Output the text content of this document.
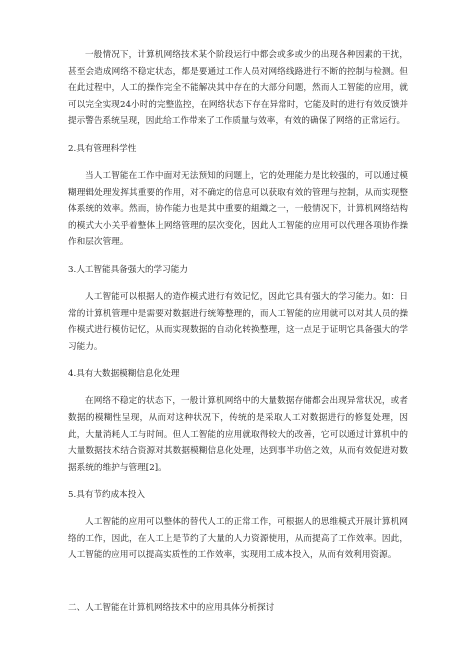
一般情况下，计算机网络技术某个阶段运行中都会或多或少的出现各种因素的干扰，甚至会造成网络不稳定状态，都是要通过工作人员对网络线路进行不断的控制与检测。但在此过程中，人工的操作完全不能解决其中存在的大部分问题，然而人工智能的应用，就可以完全实现24小时的完整监控，在网络状态下存在异常时，它能及时的进行有效反馈并提示警告系统呈现，因此给工作带来了工作质量与效率，有效的确保了网络的正常运行。

2.具有管理科学性

当人工智能在工作中面对无法预知的问题上，它的处理能力是比较强的，可以通过模糊理辑处理发挥其重要的作用，对不确定的信息可以获取有效的管理与控制，从而实现整体系统的效率。然而，协作能力也是其中重要的組織之一，一般情况下，计算机网络结构的模式大小关乎着整体上网络管理的层次变化，因此人工智能的应用可以代理各项协作操作和层次管理。

3.人工智能具备强大的学习能力

人工智能可以根据人的造作模式进行有效记忆，因此它具有强大的学习能力。如：日常的计算机管理中是需要对数据进行统筹整理的，而人工智能的应用就可以对其人员的操作模式进行模仿记忆，从而实现数据的自动化转换整理，这一点足于证明它具备强大的学习能力。

4.具有大数据模糊信息化处理

在网络不稳定的状态下，一般计算机网络中的大量数据存储都会出现异常状况，或者数据的模糊性呈现，从而对这种状况下，传统的是采取人工对数据进行的修复处理，因此，大量消耗人工与时间。但人工智能的应用就取得较大的改善，它可以通过计算机中的大量数据技术结合资源对其数据模糊信息化处理，达到事半功倍之效，从而有效促进对数据系统的维护与管理[2]。

5.具有节约成本投入

人工智能的应用可以整体的替代人工的正常工作，可根据人的思维模式开展计算机网络的工作，因此，在人工上是节约了大量的人力资源使用，从而提高了工作效率。因此，人工智能的应用可以提高实质性的工作效率，实现用工成本投入，从而有效利用资源。

二、人工智能在计算机网络技术中的应用具体分析探讨
